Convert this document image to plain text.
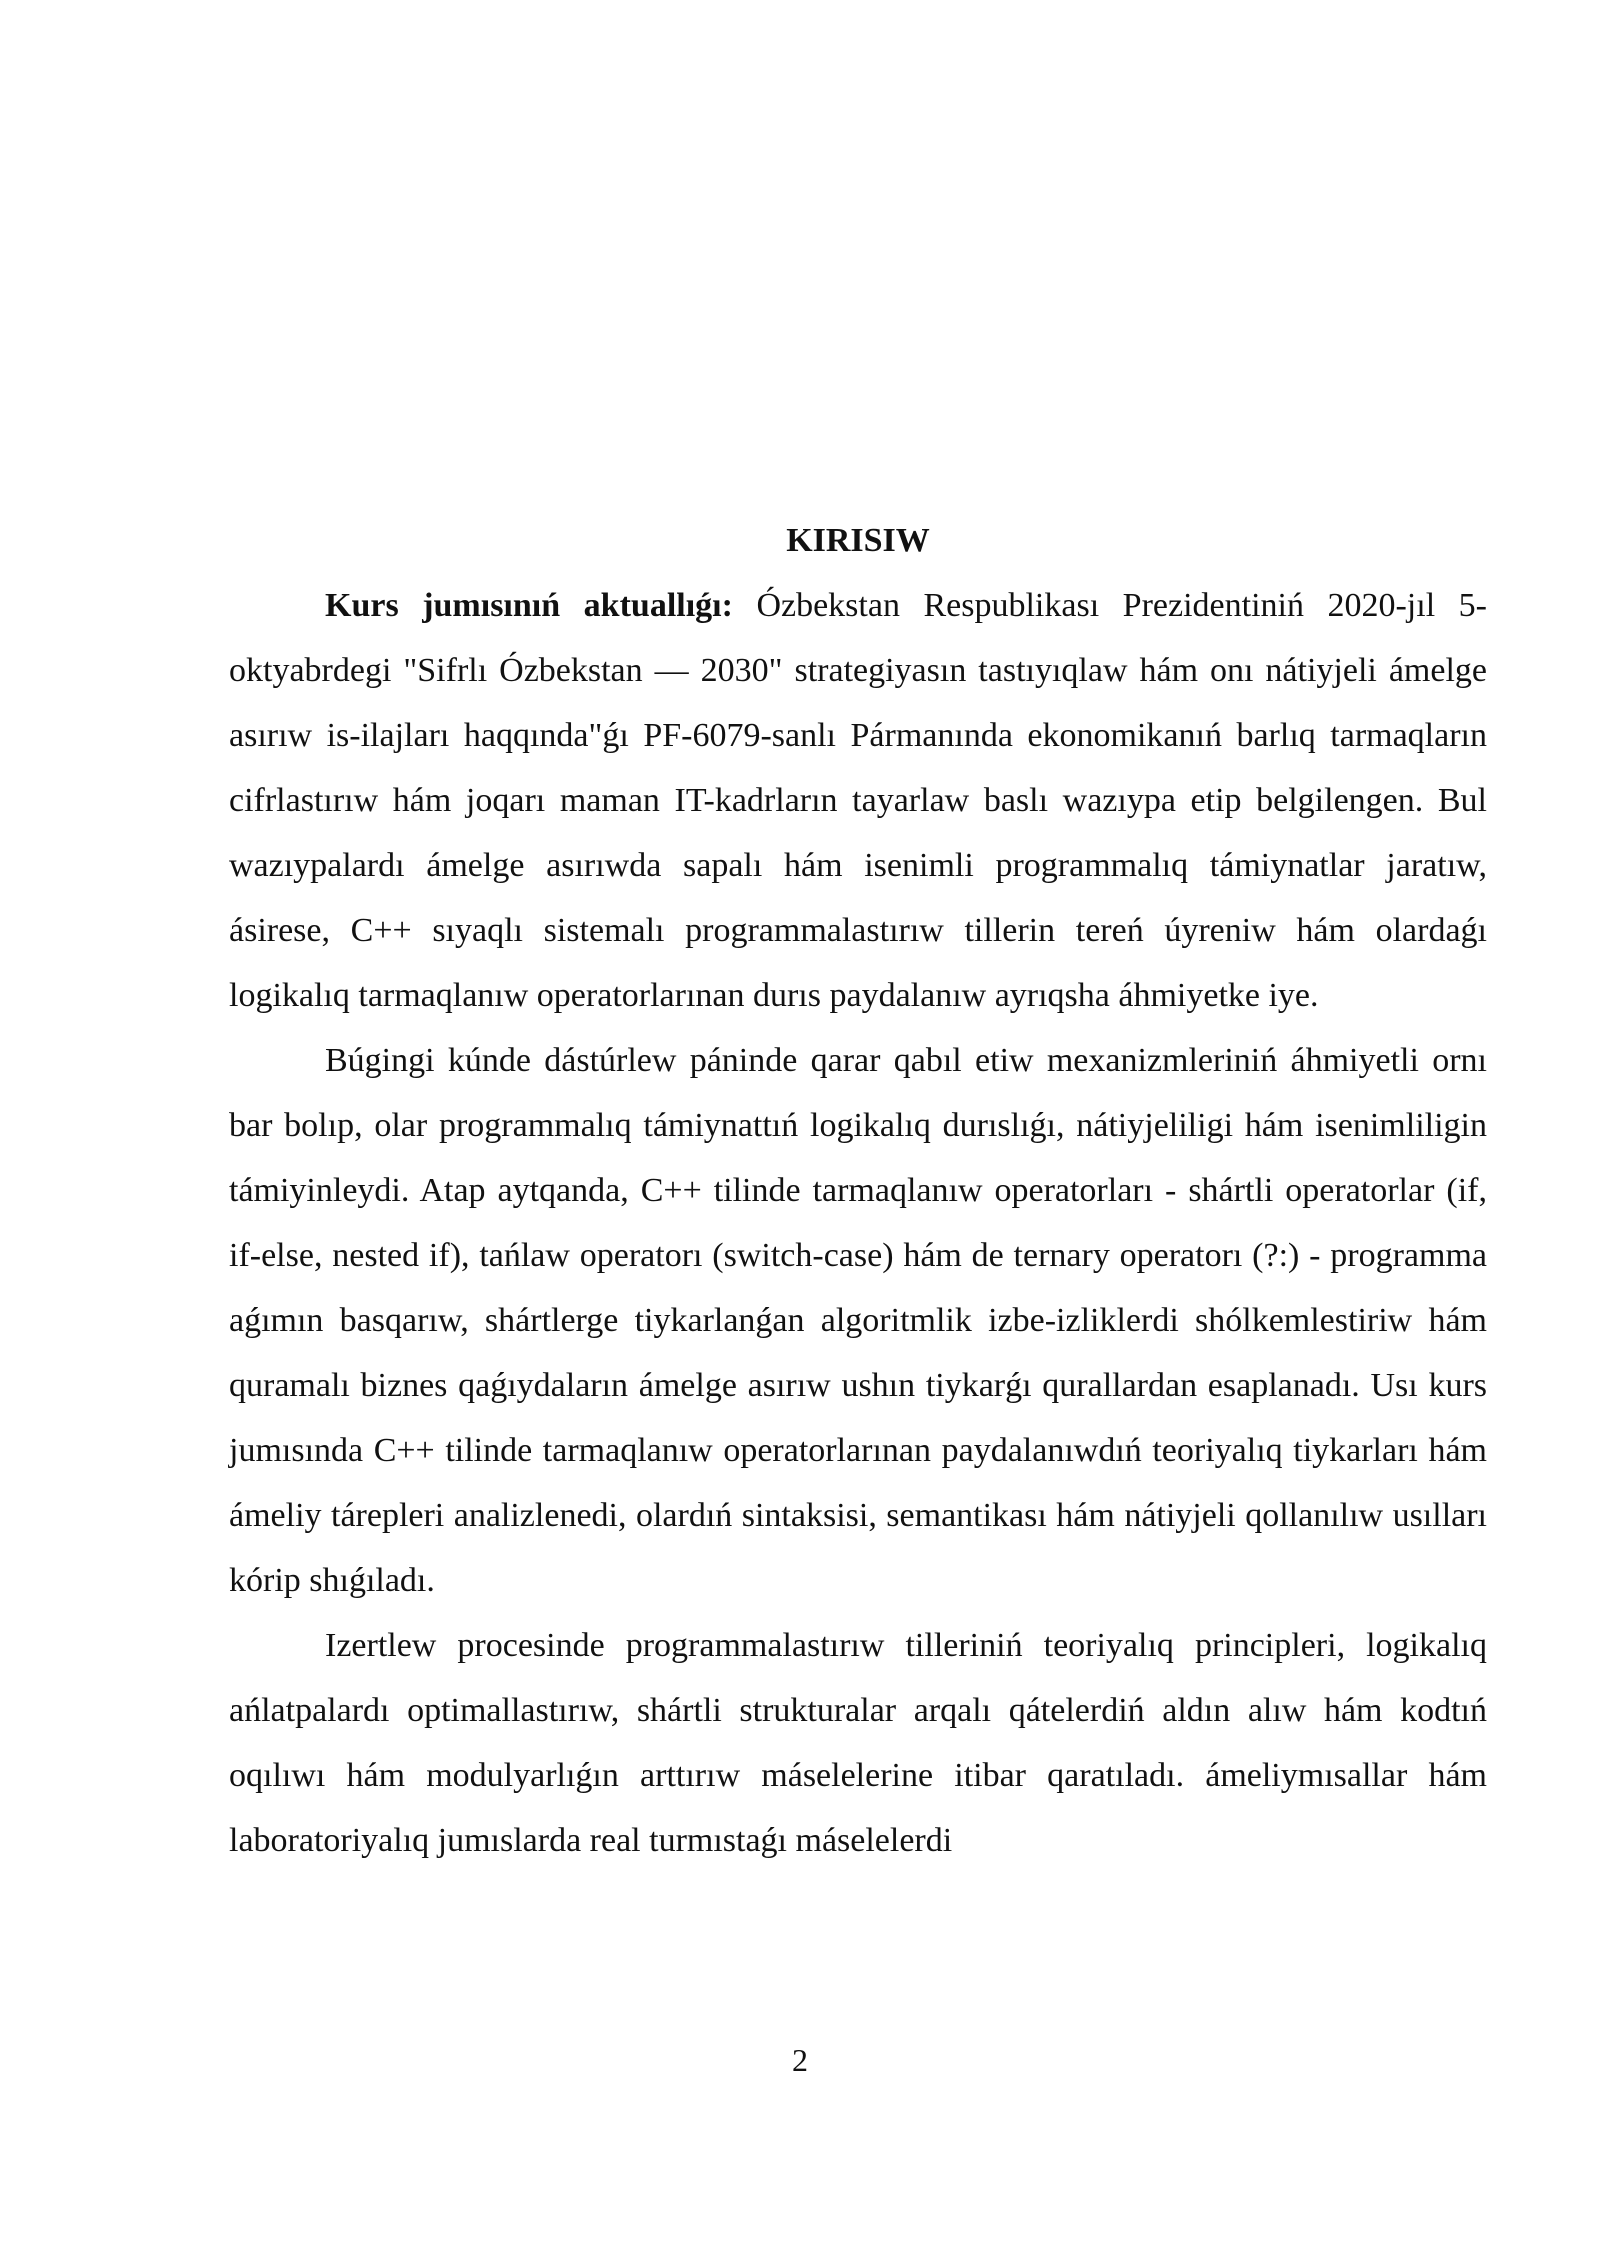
KIRISIW

Kurs jumısınıń aktuallıǵı: Ózbekstan Respublikası Prezidentiniń 2020-jıl 5-oktyabrdegi "Sifrlı Ózbekstan — 2030" strategiyasın tastıyıqlaw hám onı nátiyjeli ámelge asırıw is-ilajları haqqında"ǵı PF-6079-sanlı Pármanında ekonomikanıń barlıq tarmaqların cifrlastırıw hám joqarı maman IT-kadrların tayarlaw baslı wazıypa etip belgilengen. Bul wazıypalardı ámelge asırıwda sapalı hám isenimli programmalıq támiynatlar jaratıw, ásirese, C++ sıyaqlı sistemalı programmalastırıw tillerin tereń úyreniw hám olardaǵı logikalıq tarmaqlanıw operatorlarınan durıs paydalanıw ayrıqsha áhmiyetke iye.

Búgingi kúnde dástúrlew páninde qarar qabıl etiw mexanizmleriniń áhmiyetli ornı bar bolıp, olar programmalıq támiynattıń logikalıq durıslıǵı, nátiyjeliligi hám isenimliligin támiyinleydi. Atap aytqanda, C++ tilinde tarmaqlanıw operatorları - shártli operatorlar (if, if-else, nested if), tańlaw operatorı (switch-case) hám de ternary operatorı (?:) - programma aǵımın basqarıw, shártlerge tiykarlanǵan algoritmlik izbe-izliklerdi shólkemlestiriw hám quramalı biznes qaǵıydaların ámelge asırıw ushın tiykarǵı qurallardan esaplanadı. Usı kurs jumısında C++ tilinde tarmaqlanıw operatorlarınan paydalanıwdıń teoriyalıq tiykarları hám ámeliy tárepleri analizlenedi, olardıń sintaksisi, semantikası hám nátiyjeli qollanılıw usılları kórip shıǵıladı.

Izertlew procesinde programmalastırıw tilleriniń teoriyalıq principleri, logikalıq ańlatpalardı optimallastırıw, shártli strukturalar arqalı qátelerdiń aldın alıw hám kodtıń oqılıwı hám modulyarlıǵın arttırıw máselelerine itibar qaratıladı. ámeliymısallar hám laboratoriyalıq jumıslarda real turmıstaǵı máselelerdi

2
